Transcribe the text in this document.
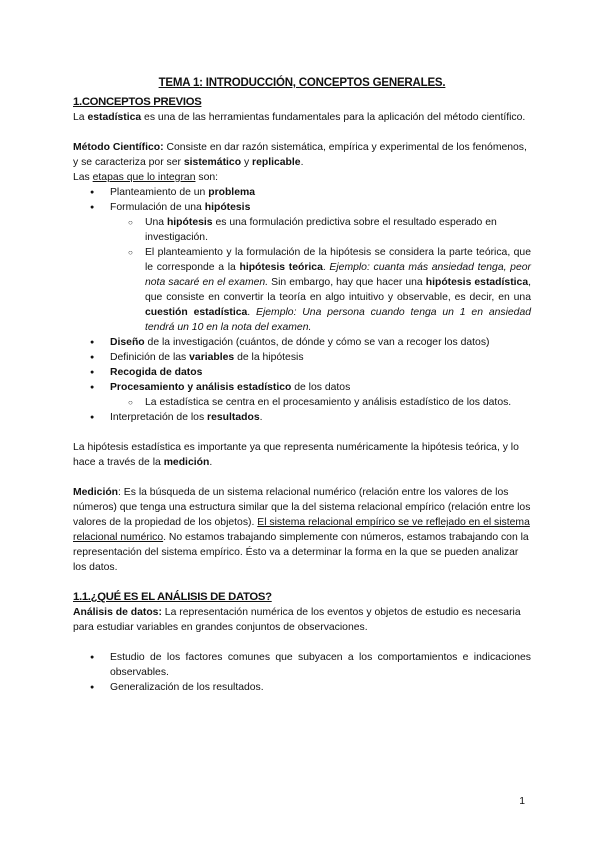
TEMA 1: INTRODUCCIÓN, CONCEPTOS GENERALES.
1.CONCEPTOS PREVIOS

La estadística es una de las herramientas fundamentales para la aplicación del método científico.

Método Científico: Consiste en dar razón sistemática, empírica y experimental de los fenómenos, y se caracteriza por ser sistemático y replicable.

Las etapas que lo integran son:

● Planteamiento de un problema
● Formulación de una hipótesis
○ Una hipótesis es una formulación predictiva sobre el resultado esperado en investigación.
○ El planteamiento y la formulación de la hipótesis se considera la parte teórica, que le corresponde a la hipótesis teórica. Ejemplo: cuanta más ansiedad tenga, peor nota sacaré en el examen. Sin embargo, hay que hacer una hipótesis estadística, que consiste en convertir la teoría en algo intuitivo y observable, es decir, en una cuestión estadística. Ejemplo: Una persona cuando tenga un 1 en ansiedad tendrá un 10 en la nota del examen.
● Diseño de la investigación (cuántos, de dónde y cómo se van a recoger los datos)
● Definición de las variables de la hipótesis
● Recogida de datos
● Procesamiento y análisis estadístico de los datos
○ La estadística se centra en el procesamiento y análisis estadístico de los datos.
● Interpretación de los resultados.

La hipótesis estadística es importante ya que representa numéricamente la hipótesis teórica, y lo hace a través de la medición.

Medición: Es la búsqueda de un sistema relacional numérico (relación entre los valores de los números) que tenga una estructura similar que la del sistema relacional empírico (relación entre los valores de la propiedad de los objetos). El sistema relacional empírico se ve reflejado en el sistema relacional numérico. No estamos trabajando simplemente con números, estamos trabajando con la representación del sistema empírico. Ésto va a determinar la forma en la que se pueden analizar los datos.

1.1.¿QUÉ ES EL ANÁLISIS DE DATOS?

Análisis de datos: La representación numérica de los eventos y objetos de estudio es necesaria para estudiar variables en grandes conjuntos de observaciones.

● Estudio de los factores comunes que subyacen a los comportamientos e indicaciones observables.
● Generalización de los resultados.
1
